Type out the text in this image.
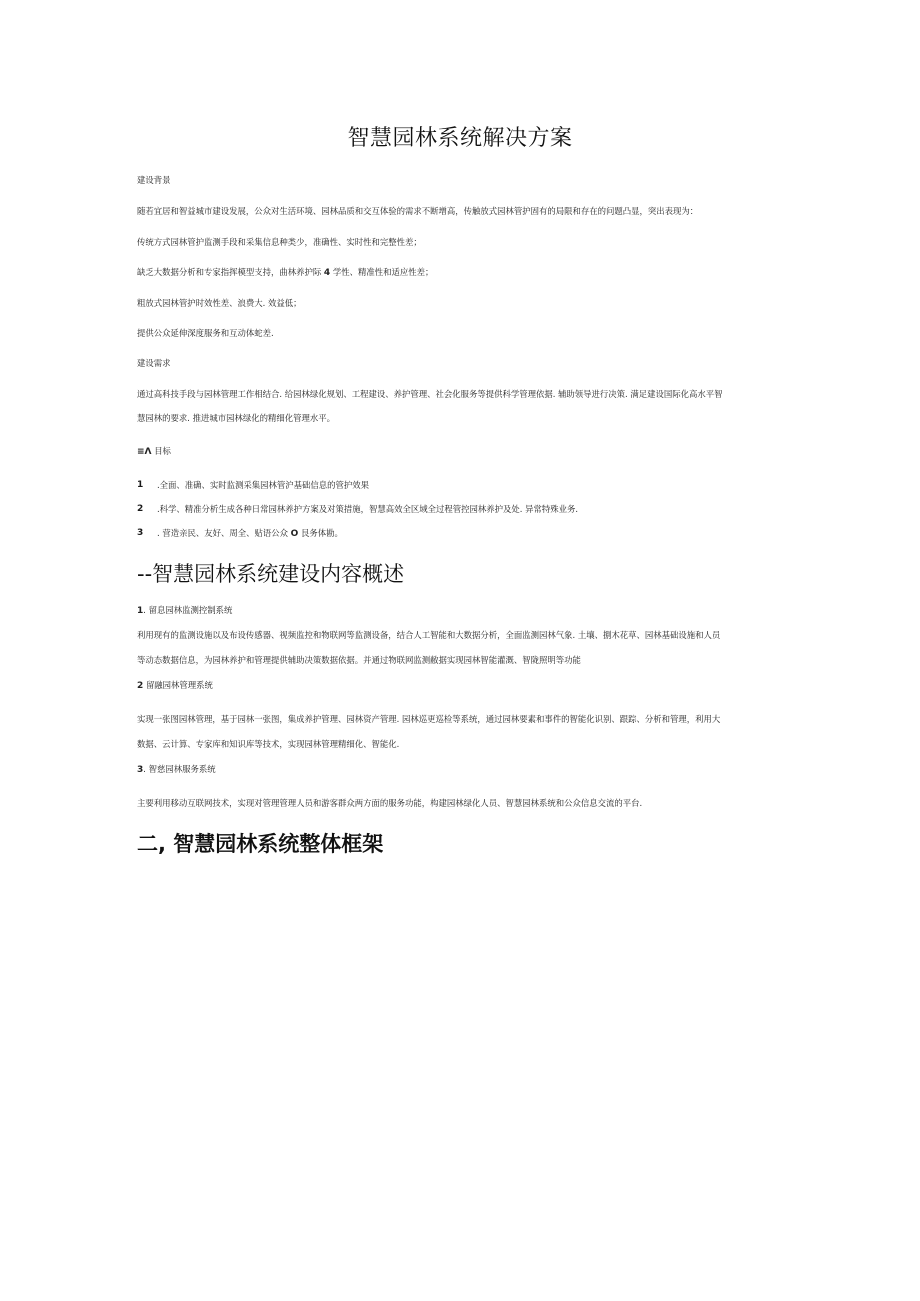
智慧园林系统解决方案
建设背景
随若宜居和智益城市建设发展，公众对生活环境、园林品质和交互体验的需求不断增高，传触放式园林管护固有的局限和存在的问题凸显，突出表现为：
传统方式园林管护监测手段和采集信息种类少，准确性、实时性和完整性差；
缺乏大数据分析和专家指挥模型支持，曲林养护际 4 学性、精准性和适应性差；
粗放式园林管护时效性差、浪费大. 效益低；
提供公众延伸深度服务和互动体蛇差.
建设需求
通过高科技手段与园林管理工作相结合. 给园林绿化规划、工程建设、养护管理、社会化服务等提供科学管理依据. 辅助领导进行决策. 满足建设国际化高水平智
慧园林的要求. 推进城市园林绿化的精细化管理水平。
≡Λ 目标
1 .全面、准确、实时监测采集园林管沪基础信息的管护效果
2 .科学、精准分析生成各种日常园林养护方案及对策措施，智慧高效全区域全过程管控园林养护及处. 异常特殊业务.
3 . 营造亲民、友好、周全、贴语公众 O 艮务体勘。
--智慧园林系统建设内容概述
1. 留息园林监测控制系统
利用现有的监测设施以及布设传感器、视频监控和物联网等监测设备，结合人工智能和大数据分析，全面监测园林气象. 土壤、捌木花草、园林基础设施和人员
等动态数据信息，为园林养护和管理提供辅助决策数据依据。并通过物联网监测敝据实现园林智能灌溉、智陇照明等功能
2 留融园林管理系统
实现一张图园林管理，基于园林一张图，集成养护管理、园林资产管理. 园林巡更巡检等系统，通过园林要素和事件的智能化识别、跟踪、分析和管理，利用大
数据、云计算、专家库和知识库等技术，实现园林管理精细化、智能化.
3. 智慈园林服务系统
主要利用移动互联网技术，实现对管理管理人员和游客群众两方面的服务功能，构建园林绿化人员、智慧园林系统和公众信息交流的平台.
二, 智慧园林系统整体框架
